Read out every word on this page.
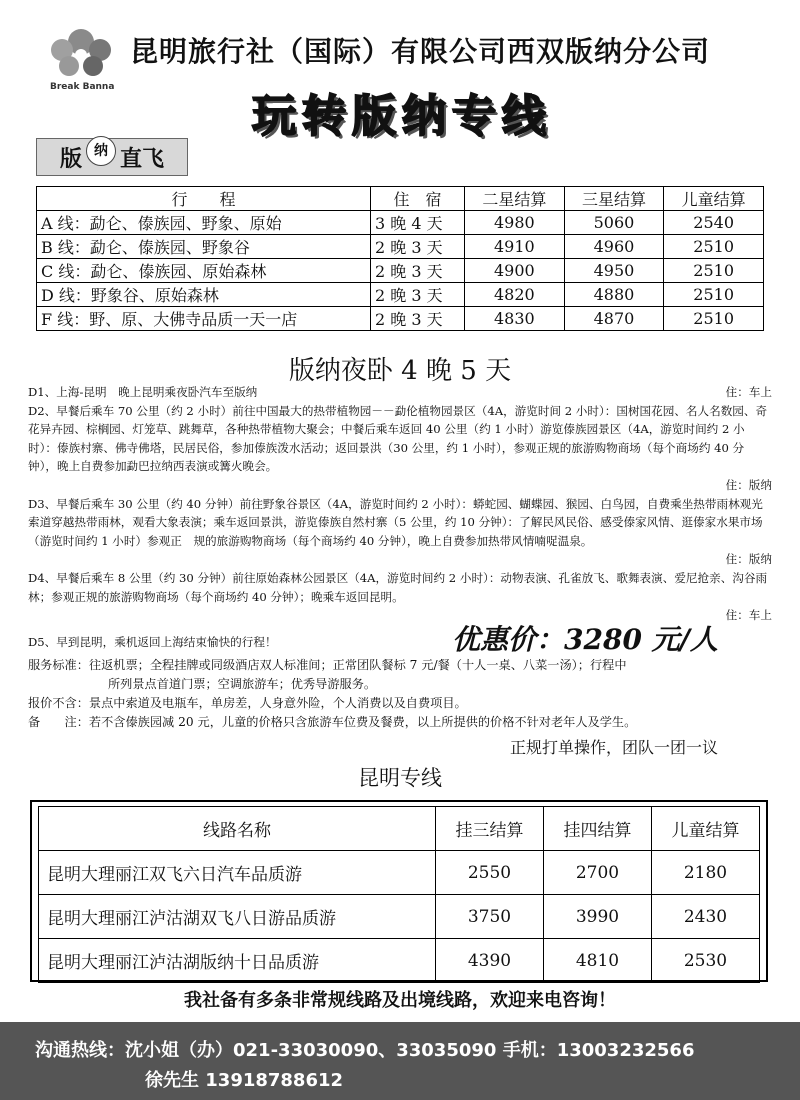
Break Banna
昆明旅行社（国际）有限公司西双版纳分公司
玩转版纳专线
版 纳 直飞
行　　程	住　宿	二星结算	三星结算	儿童结算
A 线：勐仑、傣族园、野象、原始	3 晚 4 天	4980	5060	2540
B 线：勐仑、傣族园、野象谷	2 晚 3 天	4910	4960	2510
C 线：勐仑、傣族园、原始森林	2 晚 3 天	4900	4950	2510
D 线：野象谷、原始森林	2 晚 3 天	4820	4880	2510
F 线：野、原、大佛寺品质一天一店	2 晚 3 天	4830	4870	2510
版纳夜卧 4 晚 5 天
D1、上海-昆明　晚上昆明乘夜卧汽车至版纳	住：车上

D2、早餐后乘车 70 公里（约 2 小时）前往中国最大的热带植物园－－勐伦植物园景区（4A，游览时间 2 小时）：国树国花园、名人名数园、奇花异卉园、棕榈园、灯笼草、跳舞草，各种热带植物大聚会；中餐后乘车返回 40 公里（约 1 小时）游览傣族园景区（4A，游览时间约 2 小时）：傣族村寨、佛寺佛塔，民居民俗，参加傣族泼水活动；返回景洪（30 公里，约 1 小时），参观正规的旅游购物商场（每个商场约 40 分钟），晚上自费参加勐巴拉纳西表演或篝火晚会。

住：版纳

D3、早餐后乘车 30 公里（约 40 分钟）前往野象谷景区（4A，游览时间约 2 小时）：蟒蛇园、蝴蝶园、猴园、白鸟园，自费乘坐热带雨林观光索道穿越热带雨林，观看大象表演；乘车返回景洪，游览傣族自然村寨（5 公里，约 10 分钟）：了解民风民俗、感受傣家风情、逛傣家水果市场（游览时间约 1 小时）参观正　规的旅游购物商场（每个商场约 40 分钟），晚上自费参加热带风情喃哫温泉。

住：版纳

D4、早餐后乘车 8 公里（约 30 分钟）前往原始森林公园景区（4A，游览时间约 2 小时）：动物表演、孔雀放飞、歌舞表演、爱尼抢亲、沟谷雨林；参观正规的旅游购物商场（每个商场约 40 分钟）；晚乘车返回昆明。

住：车上

D5、早到昆明，乘机返回上海结束愉快的行程！	优惠价：3280 元/人

服务标准：往返机票；全程挂牌或同级酒店双人标准间；正常团队餐标 7 元/餐（十人一桌、八菜一汤）；行程中

所列景点首道门票；空调旅游车；优秀导游服务。

报价不含：景点中索道及电瓶车，单房差，人身意外险，个人消费以及自费项目。

备　　注：若不含傣族园减 20 元，儿童的价格只含旅游车位费及餐费，以上所提供的价格不针对老年人及学生。

正规打单操作，团队一团一议
昆明专线
线路名称	挂三结算	挂四结算	儿童结算
昆明大理丽江双飞六日汽车品质游	2550	2700	2180
昆明大理丽江泸沽湖双飞八日游品质游	3750	3990	2430
昆明大理丽江泸沽湖版纳十日品质游	4390	4810	2530
我社备有多条非常规线路及出境线路，欢迎来电咨询！
沟通热线：沈小姐（办）021-33030090、33035090 手机：13003232566
徐先生 13918788612
